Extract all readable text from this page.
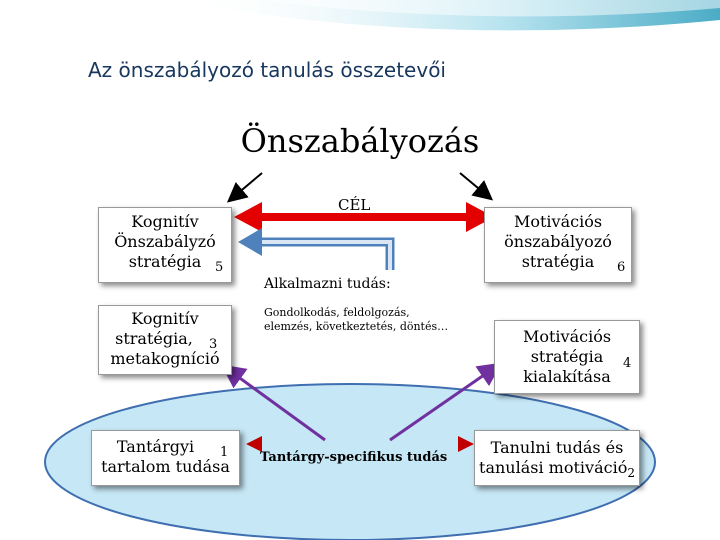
Az önszabályozó tanulás összetevői
Önszabályozás
Kognitív
Önszabályzó
stratégia	5
Kognitív
stratégia,
metakogníció
3
Tantárgyi
tartalom tudása
1
Motivációs
önszabályozó
stratégia	6
Motivációs
stratégia
kialakítása
4
Tanulni tudás és
tanulási motiváció$_2$
CÉL
Alkalmazni tudás:
Gondolkodás, feldolgozás, elemzés, következtetés, döntés…
Tantárgy-specifikus tudás
